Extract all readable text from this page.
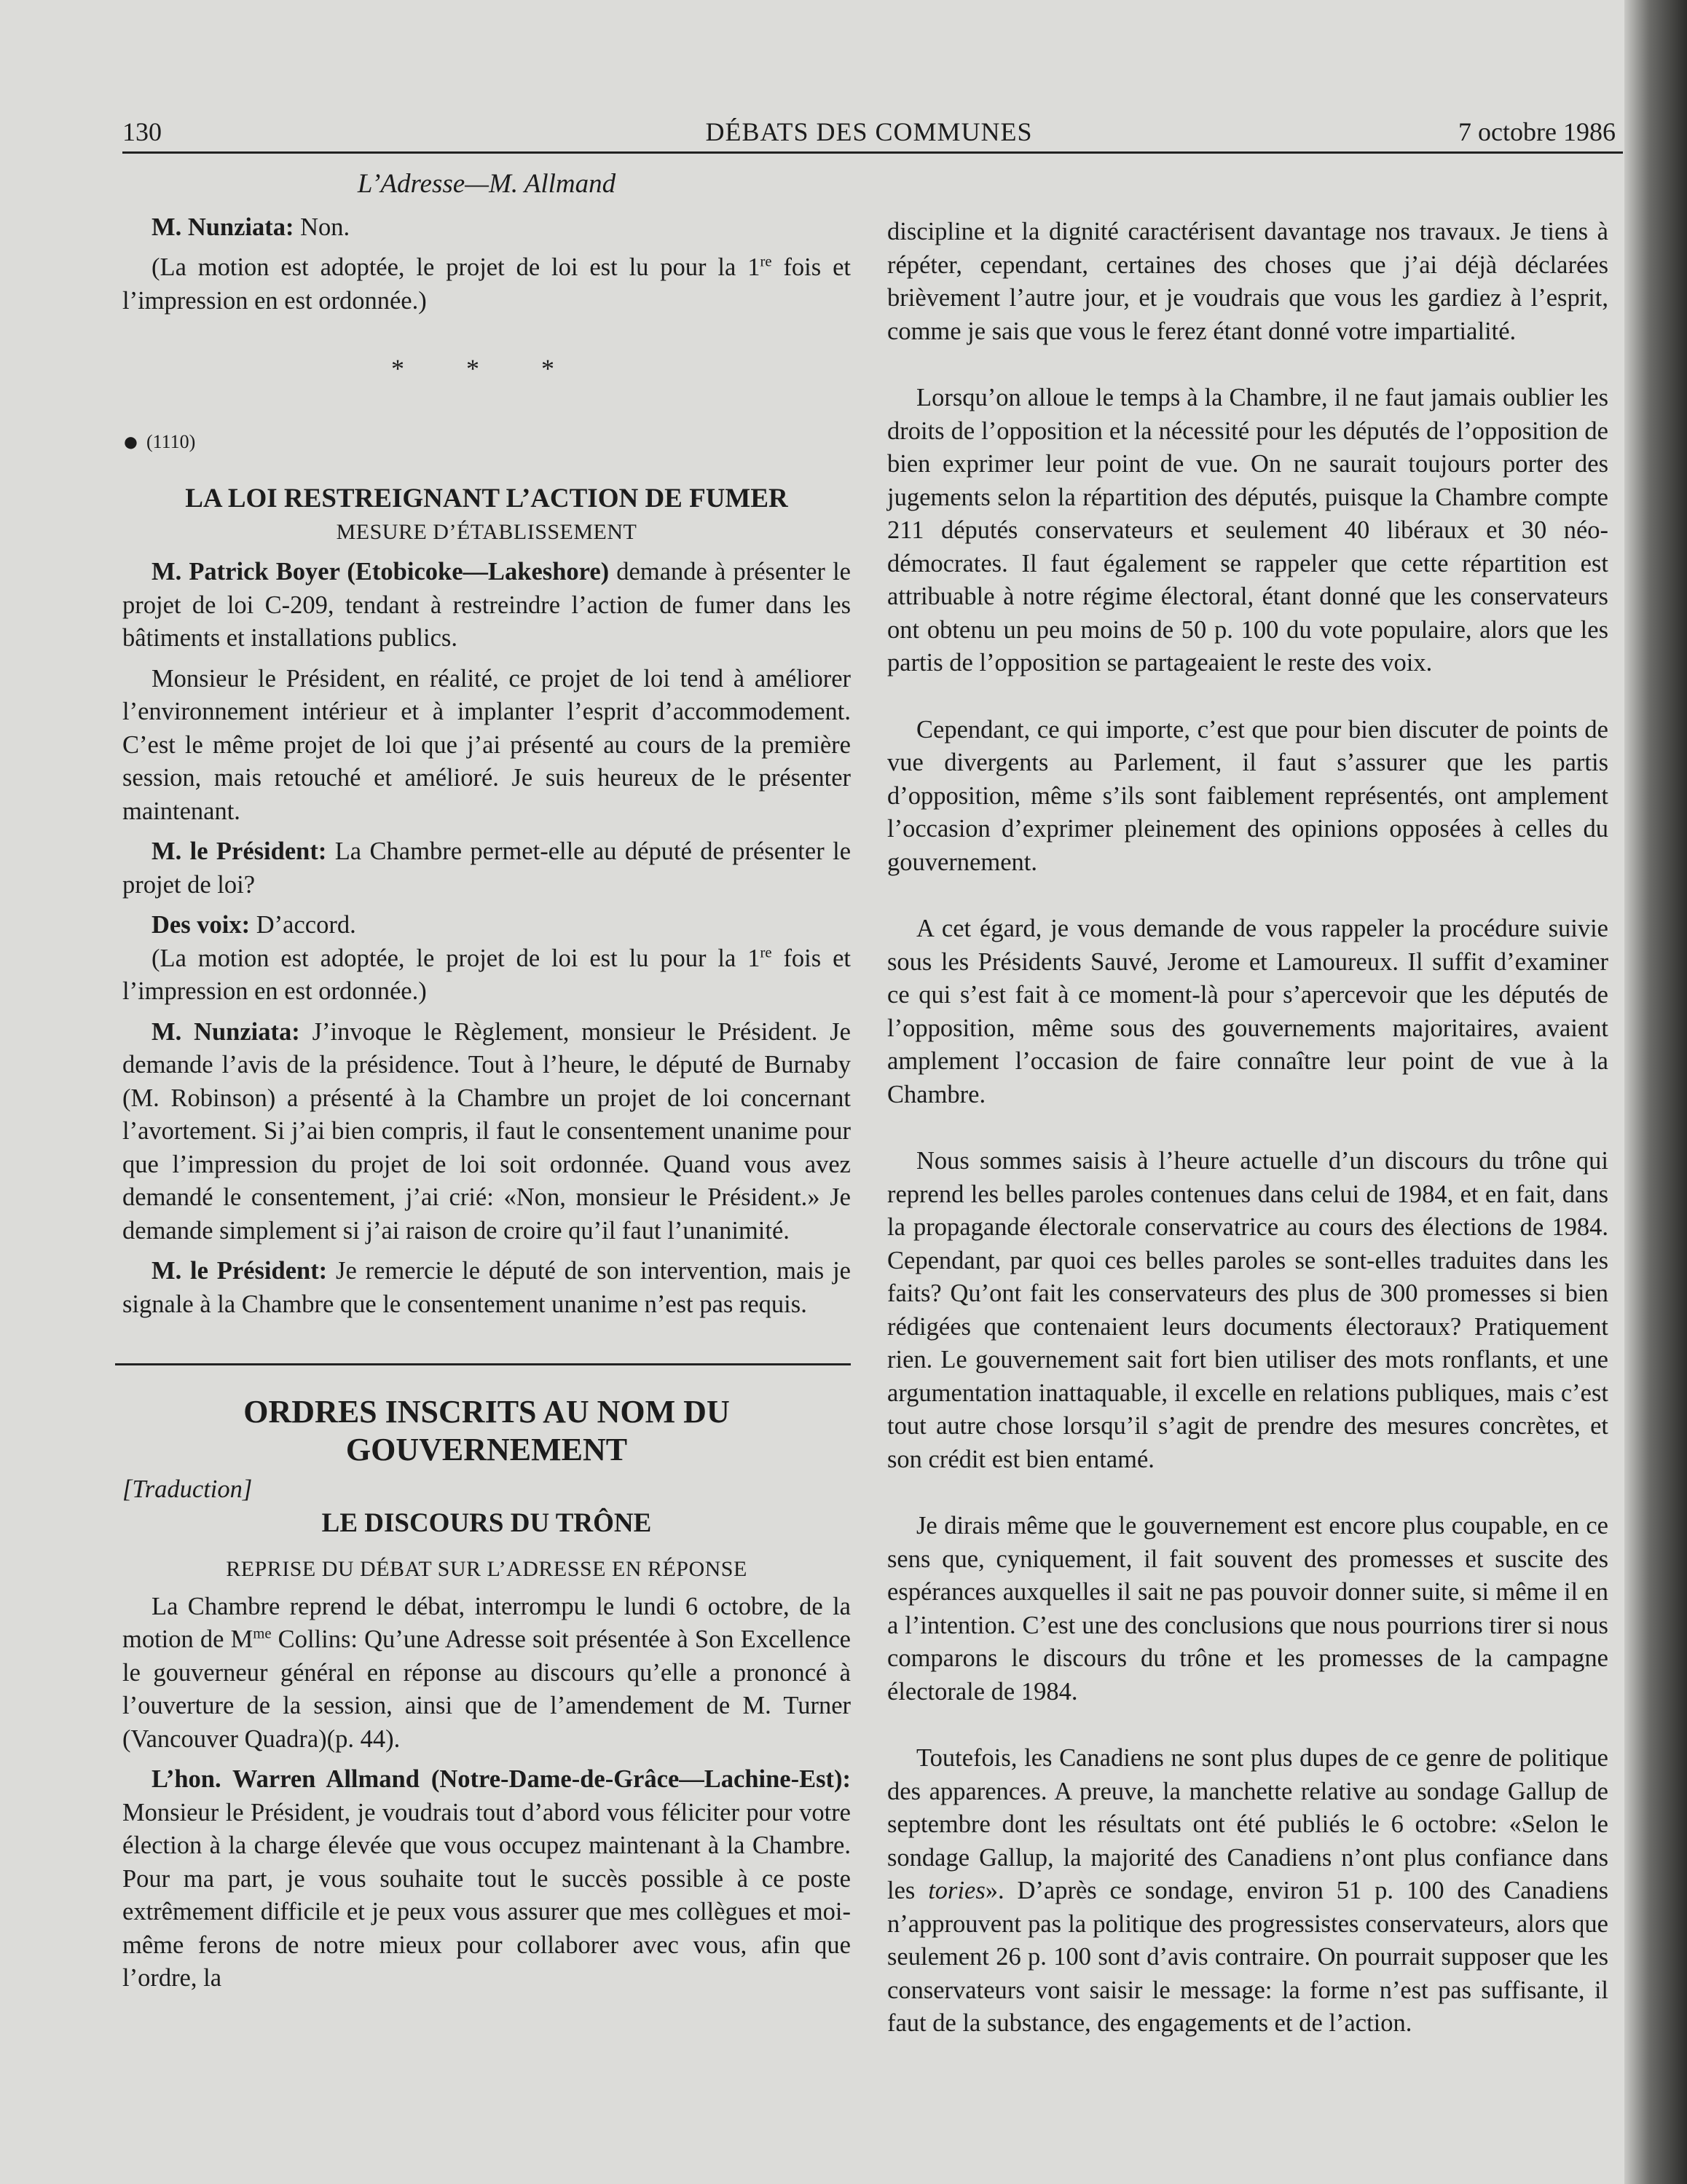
130	DÉBATS DES COMMUNES	7 octobre 1986

L’Adresse—M. Allmand

M. Nunziata: Non.

(La motion est adoptée, le projet de loi est lu pour la 1re fois et l’impression en est ordonnée.)

* * *
● (1110)

LA LOI RESTREIGNANT L’ACTION DE FUMER

MESURE D’ÉTABLISSEMENT

M. Patrick Boyer (Etobicoke—Lakeshore) demande à présenter le projet de loi C-209, tendant à restreindre l’action de fumer dans les bâtiments et installations publics.

Monsieur le Président, en réalité, ce projet de loi tend à améliorer l’environnement intérieur et à implanter l’esprit d’accommodement. C’est le même projet de loi que j’ai présenté au cours de la première session, mais retouché et amélioré. Je suis heureux de le présenter maintenant.

M. le Président: La Chambre permet-elle au député de présenter le projet de loi?

Des voix: D’accord.

(La motion est adoptée, le projet de loi est lu pour la 1re fois et l’impression en est ordonnée.)

M. Nunziata: J’invoque le Règlement, monsieur le Président. Je demande l’avis de la présidence. Tout à l’heure, le député de Burnaby (M. Robinson) a présenté à la Chambre un projet de loi concernant l’avortement. Si j’ai bien compris, il faut le consentement unanime pour que l’impression du projet de loi soit ordonnée. Quand vous avez demandé le consentement, j’ai crié: «Non, monsieur le Président.» Je demande simplement si j’ai raison de croire qu’il faut l’unanimité.

M. le Président: Je remercie le député de son intervention, mais je signale à la Chambre que le consentement unanime n’est pas requis.

ORDRES INSCRITS AU NOM DU GOUVERNEMENT

[Traduction]

LE DISCOURS DU TRÔNE

REPRISE DU DÉBAT SUR L’ADRESSE EN RÉPONSE

La Chambre reprend le débat, interrompu le lundi 6 octobre, de la motion de $M^{me}$ Collins: Qu’une Adresse soit présentée à Son Excellence le gouverneur général en réponse au discours qu’elle a prononcé à l’ouverture de la session, ainsi que de l’amendement de M. Turner (Vancouver Quadra)(p. 44).

L’hon. Warren Allmand (Notre-Dame-de-Grâce—Lachine-Est): Monsieur le Président, je voudrais tout d’abord vous féliciter pour votre élection à la charge élevée que vous occupez maintenant à la Chambre. Pour ma part, je vous souhaite tout le succès possible à ce poste extrêmement difficile et je peux vous assurer que mes collègues et moi-même ferons de notre mieux pour collaborer avec vous, afin que l’ordre, la

discipline et la dignité caractérisent davantage nos travaux. Je tiens à répéter, cependant, certaines des choses que j’ai déjà déclarées brièvement l’autre jour, et je voudrais que vous les gardiez à l’esprit, comme je sais que vous le ferez étant donné votre impartialité.

Lorsqu’on alloue le temps à la Chambre, il ne faut jamais oublier les droits de l’opposition et la nécessité pour les députés de l’opposition de bien exprimer leur point de vue. On ne saurait toujours porter des jugements selon la répartition des députés, puisque la Chambre compte 211 députés conservateurs et seulement 40 libéraux et 30 néo-démocrates. Il faut également se rappeler que cette répartition est attribuable à notre régime électoral, étant donné que les conservateurs ont obtenu un peu moins de 50 p. 100 du vote populaire, alors que les partis de l’opposition se partageaient le reste des voix.

Cependant, ce qui importe, c’est que pour bien discuter de points de vue divergents au Parlement, il faut s’assurer que les partis d’opposition, même s’ils sont faiblement représentés, ont amplement l’occasion d’exprimer pleinement des opinions opposées à celles du gouvernement.

A cet égard, je vous demande de vous rappeler la procédure suivie sous les Présidents Sauvé, Jerome et Lamoureux. Il suffit d’examiner ce qui s’est fait à ce moment-là pour s’apercevoir que les députés de l’opposition, même sous des gouvernements majoritaires, avaient amplement l’occasion de faire connaître leur point de vue à la Chambre.

Nous sommes saisis à l’heure actuelle d’un discours du trône qui reprend les belles paroles contenues dans celui de 1984, et en fait, dans la propagande électorale conservatrice au cours des élections de 1984. Cependant, par quoi ces belles paroles se sont-elles traduites dans les faits? Qu’ont fait les conservateurs des plus de 300 promesses si bien rédigées que contenaient leurs documents électoraux? Pratiquement rien. Le gouvernement sait fort bien utiliser des mots ronflants, et une argumentation inattaquable, il excelle en relations publiques, mais c’est tout autre chose lorsqu’il s’agit de prendre des mesures concrètes, et son crédit est bien entamé.

Je dirais même que le gouvernement est encore plus coupable, en ce sens que, cyniquement, il fait souvent des promesses et suscite des espérances auxquelles il sait ne pas pouvoir donner suite, si même il en a l’intention. C’est une des conclusions que nous pourrions tirer si nous comparons le discours du trône et les promesses de la campagne électorale de 1984.

Toutefois, les Canadiens ne sont plus dupes de ce genre de politique des apparences. A preuve, la manchette relative au sondage Gallup de septembre dont les résultats ont été publiés le 6 octobre: «Selon le sondage Gallup, la majorité des Canadiens n’ont plus confiance dans les tories». D’après ce sondage, environ 51 p. 100 des Canadiens n’approuvent pas la politique des progressistes conservateurs, alors que seulement 26 p. 100 sont d’avis contraire. On pourrait supposer que les conservateurs vont saisir le message: la forme n’est pas suffisante, il faut de la substance, des engagements et de l’action.
